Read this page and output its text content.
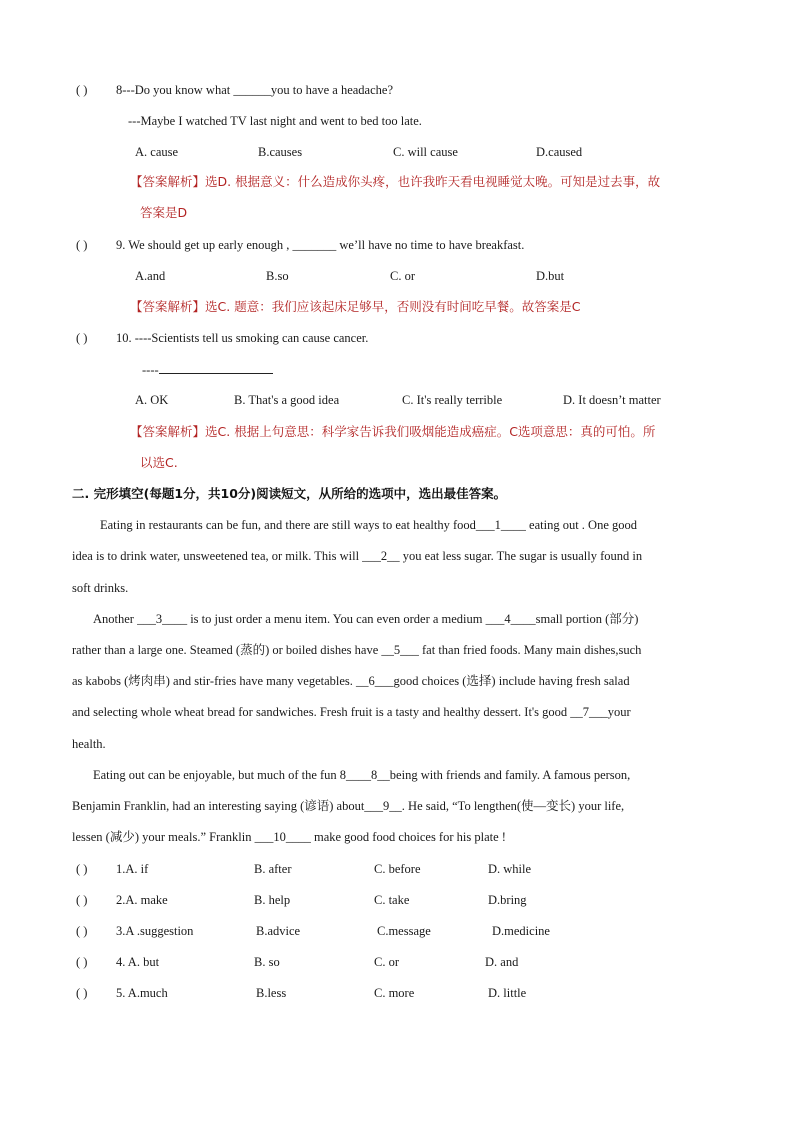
( ) 8---Do you know what ______you to have a headache?
---Maybe I watched TV last night and went to bed too late.
A. cause	B.causes	C. will cause	D.caused
【答案解析】选D. 根据意义：什么造成你头疼，也许我昨天看电视睡觉太晚。可知是过去事，故
答案是D
( ) 9. We should get up early enough , _______ we’ll have no time to have breakfast.
A.and	B.so	C. or	D.but
【答案解析】选C. 题意：我们应该起床足够早，否则没有时间吃早餐。故答案是C
( ) 10. ----Scientists tell us smoking can cause cancer.
----
A. OK	B. That's a good idea	C. It's really terrible	D. It doesn’t matter
【答案解析】选C. 根据上句意思：科学家告诉我们吸烟能造成癌症。C选项意思：真的可怕。所
以选C.
二. 完形填空(每题1分，共10分)阅读短文，从所给的选项中，选出最佳答案。
Eating in restaurants can be fun, and there are still ways to eat healthy food___1____ eating out . One good
idea is to drink water, unsweetened tea, or milk. This will ___2__ you eat less sugar. The sugar is usually found in
soft drinks.
Another ___3____ is to just order a menu item. You can even order a medium ___4____small portion (部分)
rather than a large one. Steamed (蒸的) or boiled dishes have __5___ fat than fried foods. Many main dishes,such
as kabobs (烤肉串) and stir-fries have many vegetables. __6___good choices (选择) include having fresh salad
and selecting whole wheat bread for sandwiches. Fresh fruit is a tasty and healthy dessert. It's good __7___your
health.
Eating out can be enjoyable, but much of the fun 8____8__being with friends and family. A famous person,
Benjamin Franklin, had an interesting saying (谚语) about___9__. He said, “To lengthen(使—变长) your life,
lessen (减少) your meals.” Franklin ___10____ make good food choices for his plate !
( ) 1.A. if	B. after	C. before	D. while
( ) 2.A. make	B. help	C. take	D.bring
( ) 3.A .suggestion	B.advice	C.message	D.medicine
( ) 4. A. but	B. so	C. or	D. and
( ) 5. A.much	B.less	C. more	D. little
